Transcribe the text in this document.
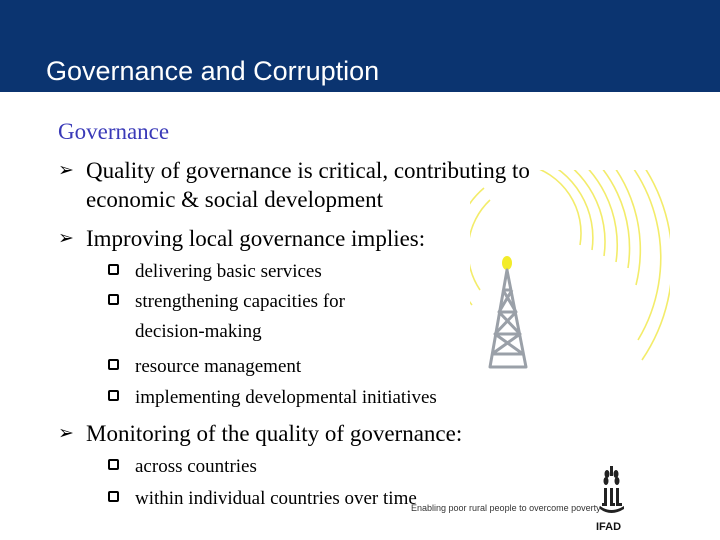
Governance and Corruption
Governance
➢ Quality of governance is critical, contributing to
economic & social development
➢ Improving local governance implies:
delivering basic services
strengthening capacities for
decision-making
resource management
implementing developmental initiatives
➢ Monitoring of the quality of governance:
across countries
within individual countries over time
Enabling poor rural people to overcome poverty
IFAD
